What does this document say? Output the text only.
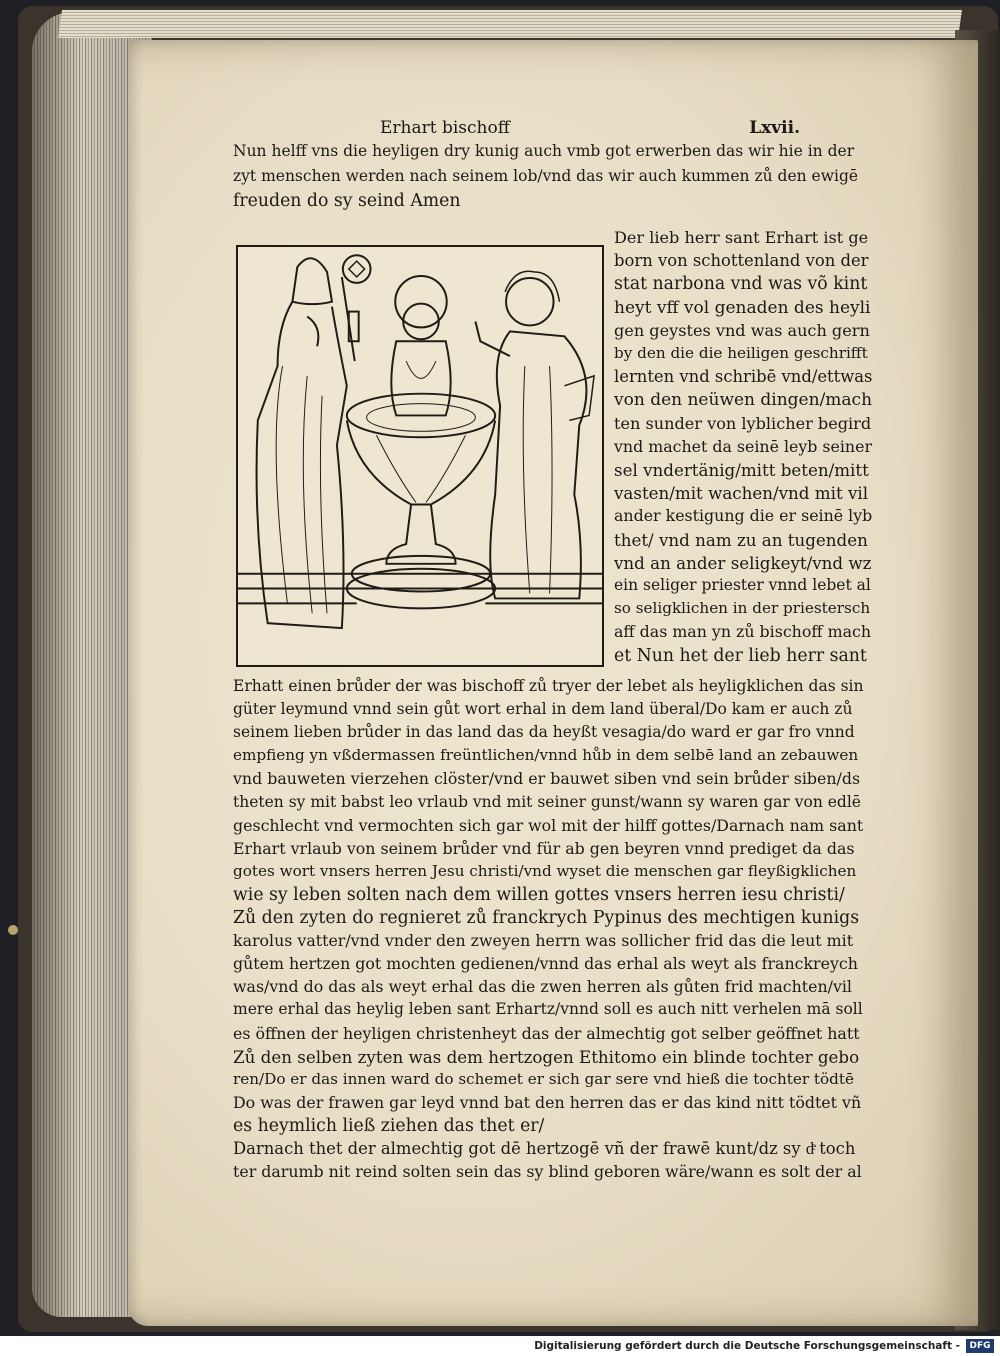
Erhart bischoff	Lxvii.
Nun helff vns die heyligen dry kunig auch vmb got erwerben das wir hie in der
zyt menschen werden nach seinem lob/vnd das wir auch kummen zů den ewigē
freuden do sy seind Amen
Der lieb herr sant Erhart ist ge
born von schottenland von der
stat narbona vnd was võ kint
heyt vff vol genaden des heyli
gen geystes vnd was auch gern
by den die die heiligen geschrifft
lernten vnd schribē vnd/ettwas
von den neüwen dingen/mach
ten sunder von lyblicher begird
vnd machet da seinē leyb seiner
sel vndertänig/mitt beten/mitt
vasten/mit wachen/vnd mit vil
ander kestigung die er seinē lyb
thet/ vnd nam zu an tugenden
vnd an ander seligkeyt/vnd wz
ein seliger priester vnnd lebet al
so seligklichen in der priestersch
aff das man yn zů bischoff mach
et Nun het der lieb herr sant
Erhatt einen brůder der was bischoff zů tryer der lebet als heyligklichen das sin
güter leymund vnnd sein gůt wort erhal in dem land überal/Do kam er auch zů
seinem lieben brůder in das land das da heyßt vesagia/do ward er gar fro vnnd
empfieng yn vßdermassen freüntlichen/vnnd hůb in dem selbē land an zebauwen
vnd bauweten vierzehen clöster/vnd er bauwet siben vnd sein brůder siben/ds
theten sy mit babst leo vrlaub vnd mit seiner gunst/wann sy waren gar von edlē
geschlecht vnd vermochten sich gar wol mit der hilff gottes/Darnach nam sant
Erhart vrlaub von seinem brůder vnd für ab gen beyren vnnd prediget da das
gotes wort vnsers herren Jesu christi/vnd wyset die menschen gar fleyßigklichen
wie sy leben solten nach dem willen gottes vnsers herren iesu christi/
Zů den zyten do regnieret zů franckrych Pypinus des mechtigen kunigs
karolus vatter/vnd vnder den zweyen herrn was sollicher frid das die leut mit
gůtem hertzen got mochten gedienen/vnnd das erhal als weyt als franckreych
was/vnd do das als weyt erhal das die zwen herren als gůten frid machten/vil
mere erhal das heylig leben sant Erhartz/vnnd soll es auch nitt verhelen mā soll
es öffnen der heyligen christenheyt das der almechtig got selber geöffnet hatt
Zů den selben zyten was dem hertzogen Ethitomo ein blinde tochter gebo
ren/Do er das innen ward do schemet er sich gar sere vnd hieß die tochter tödtē
Do was der frawen gar leyd vnnd bat den herren das er das kind nitt tödtet vñ
es heymlich ließ ziehen das thet er/
Darnach thet der almechtig got dē hertzogē vñ der frawē kunt/dz sy dͤ toch
ter darumb nit reind solten sein das sy blind geboren wäre/wann es solt der al
Digitalisierung gefördert durch die Deutsche Forschungsgemeinschaft -	DFG
